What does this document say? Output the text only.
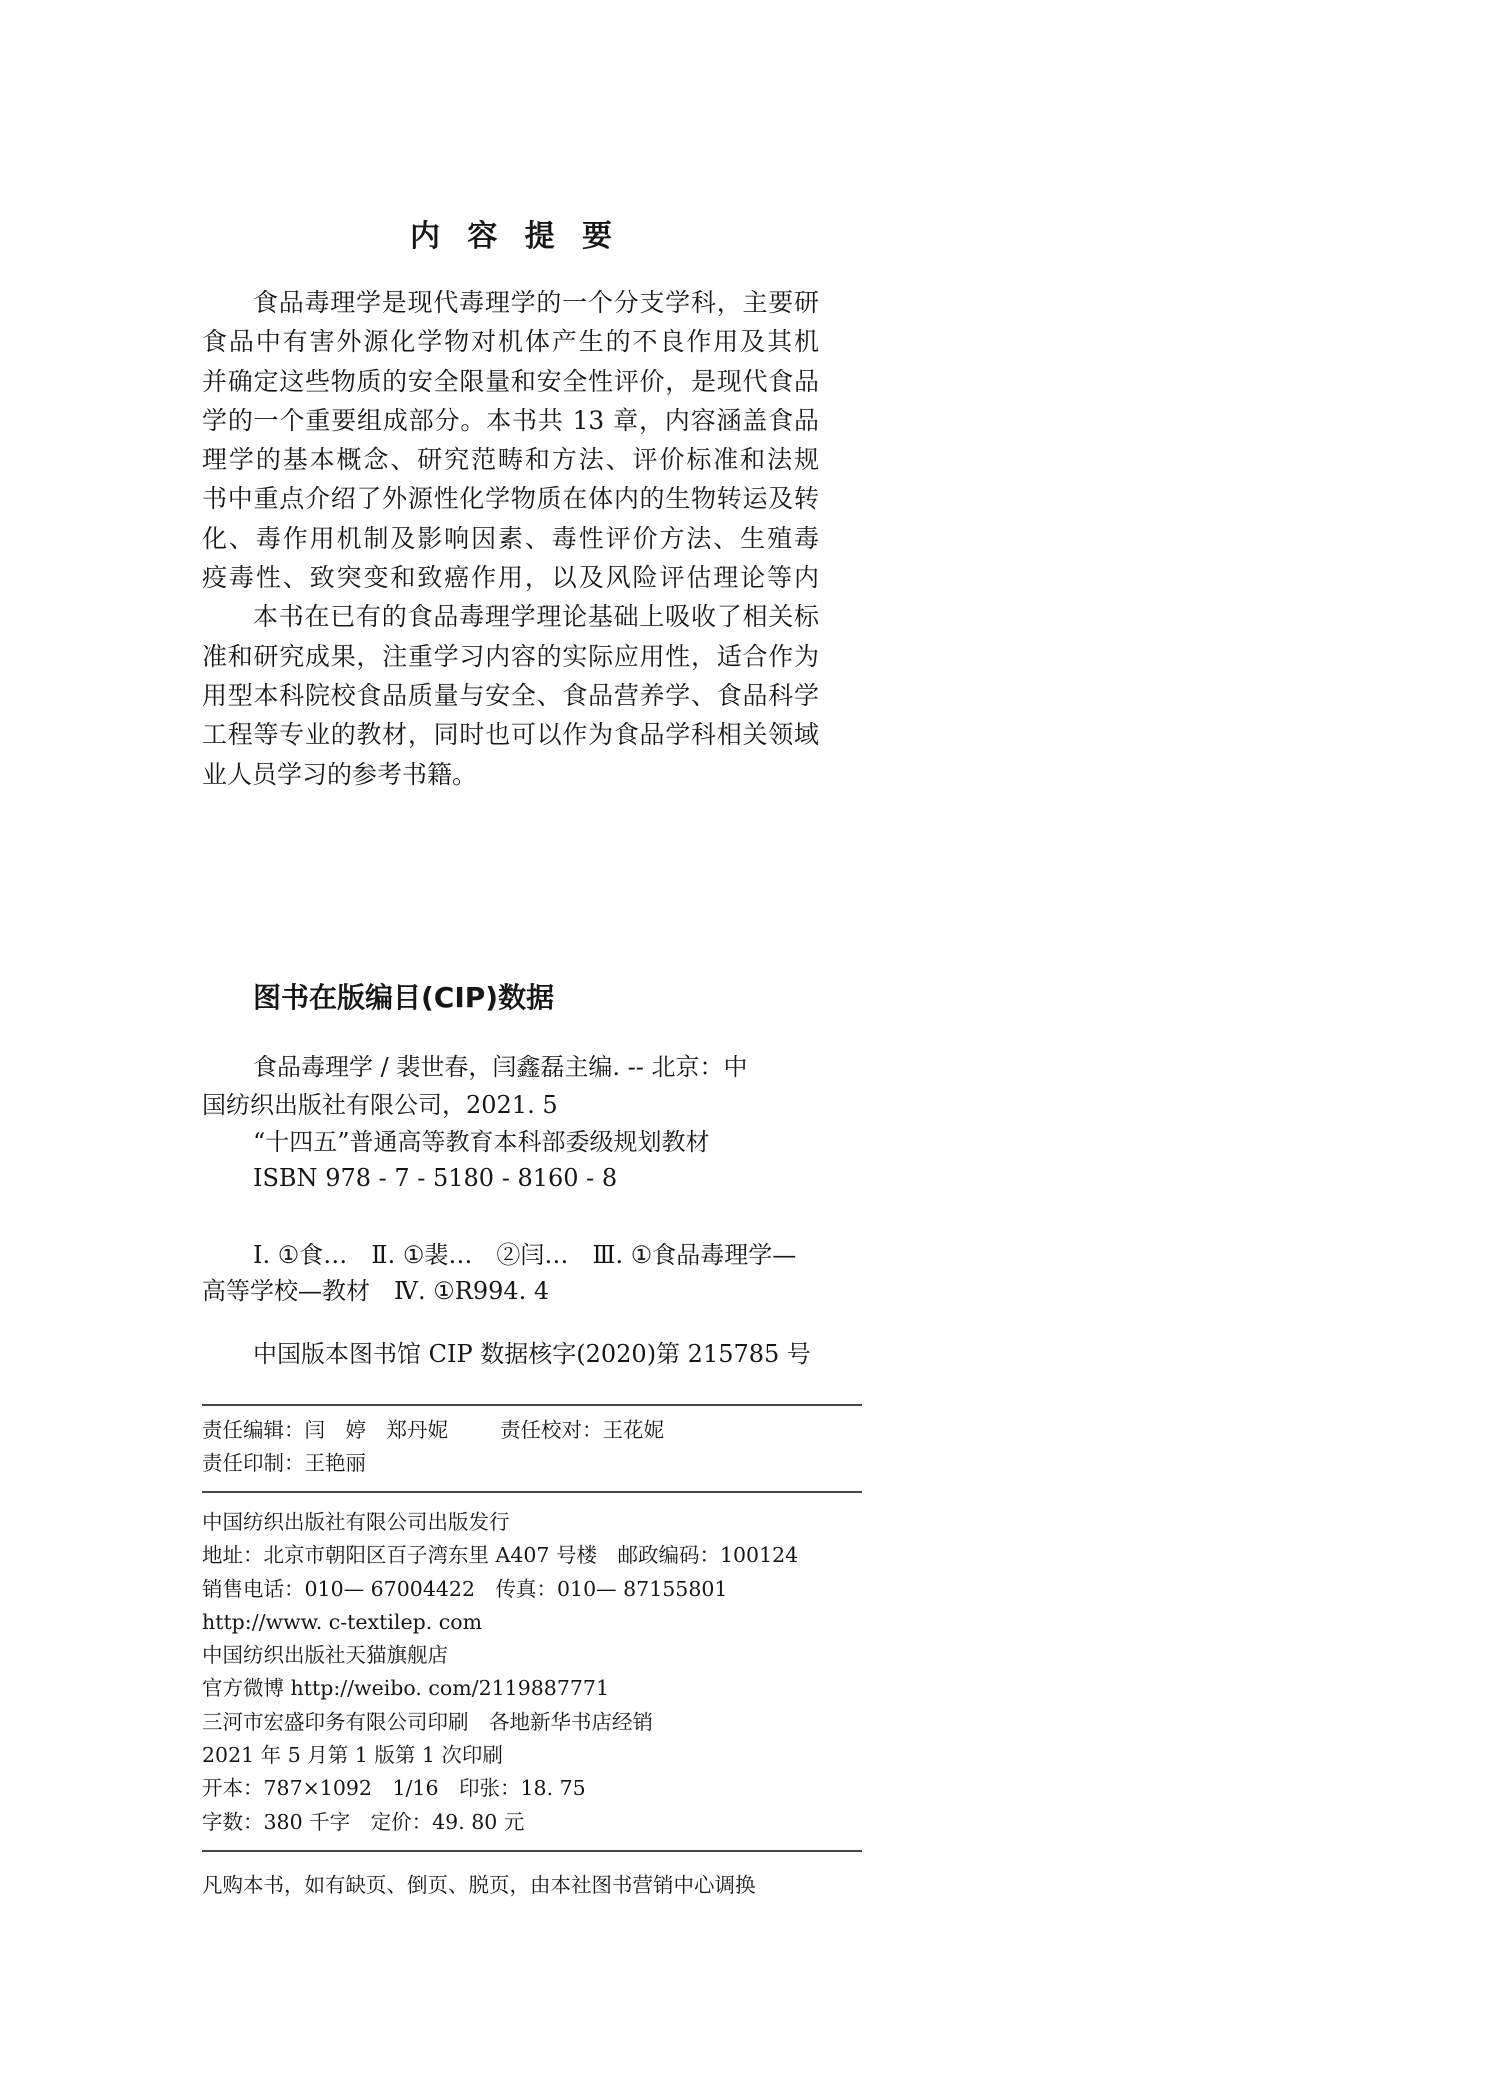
内 容 提 要
食品毒理学是现代毒理学的一个分支学科，主要研
食品中有害外源化学物对机体产生的不良作用及其机
并确定这些物质的安全限量和安全性评价，是现代食品
学的一个重要组成部分。本书共 13 章，内容涵盖食品
理学的基本概念、研究范畴和方法、评价标准和法规
书中重点介绍了外源性化学物质在体内的生物转运及转
化、毒作用机制及影响因素、毒性评价方法、生殖毒
疫毒性、致突变和致癌作用，以及风险评估理论等内
本书在已有的食品毒理学理论基础上吸收了相关标
准和研究成果，注重学习内容的实际应用性，适合作为
用型本科院校食品质量与安全、食品营养学、食品科学
工程等专业的教材，同时也可以作为食品学科相关领域
业人员学习的参考书籍。
图书在版编目(CIP)数据
食品毒理学 / 裴世春，闫鑫磊主编. -- 北京：中
国纺织出版社有限公司，2021. 5
“十四五”普通高等教育本科部委级规划教材
ISBN 978 - 7 - 5180 - 8160 - 8
Ⅰ. ①食…　Ⅱ. ①裴…　②闫…　Ⅲ. ①食品毒理学—
高等学校—教材　Ⅳ. ①R994. 4
中国版本图书馆 CIP 数据核字(2020)第 215785 号
责任编辑：闫　婷　郑丹妮	责任校对：王花妮
责任印制：王艳丽
中国纺织出版社有限公司出版发行
地址：北京市朝阳区百子湾东里 A407 号楼　邮政编码：100124
销售电话：010— 67004422　传真：010— 87155801
http://www. c-textilep. com
中国纺织出版社天猫旗舰店
官方微博 http://weibo. com/2119887771
三河市宏盛印务有限公司印刷　各地新华书店经销
2021 年 5 月第 1 版第 1 次印刷
开本：787×1092　1/16　印张：18. 75
字数：380 千字　定价：49. 80 元
凡购本书，如有缺页、倒页、脱页，由本社图书营销中心调换
